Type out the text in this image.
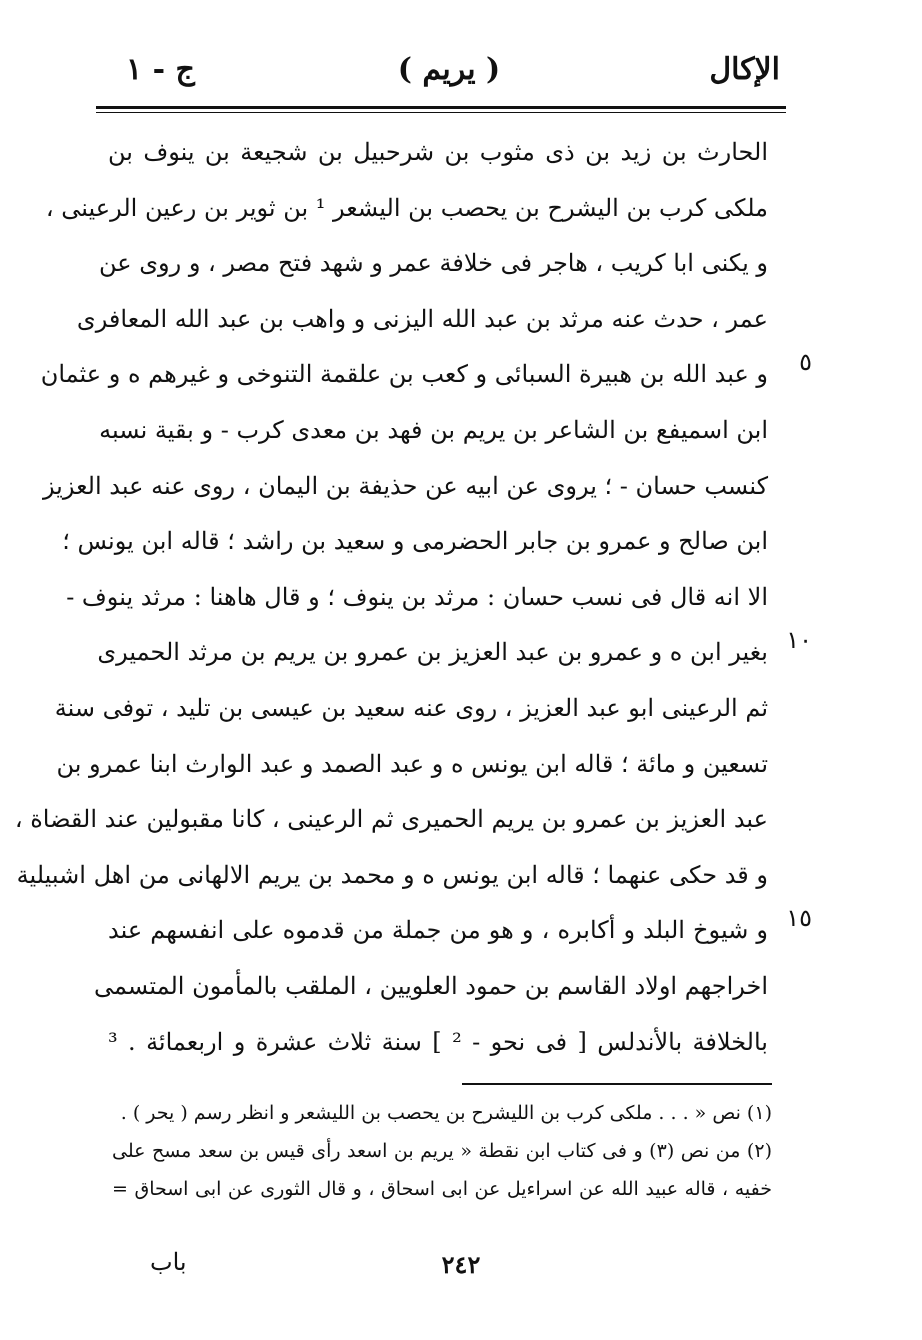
الإكال
( يريم )
ج - ١
الحارث بن زيد بن ذى مثوب بن شرحبيل بن شجيعة بن ينوف بن
ملكى كرب بن اليشرح بن يحصب بن اليشعر ¹ بن ثوير بن رعين الرعينى ،
و يكنى ابا كريب ، هاجر فى خلافة عمر و شهد فتح مصر ، و روى عن
عمر ، حدث عنه مرثد بن عبد الله اليزنى و واهب بن عبد الله المعافرى
و عبد الله بن هبيرة السبائى و كعب بن علقمة التنوخى و غيرهم ه و عثمان
ابن اسميفع بن الشاعر بن يريم بن فهد بن معدى كرب - و بقية نسبه
كنسب حسان - ؛ يروى عن ابيه عن حذيفة بن اليمان ، روى عنه عبد العزيز
ابن صالح و عمرو بن جابر الحضرمى و سعيد بن راشد ؛ قاله ابن يونس ؛
الا انه قال فى نسب حسان : مرثد بن ينوف ؛ و قال هاهنا : مرثد ينوف -
بغير ابن ه و عمرو بن عبد العزيز بن عمرو بن يريم بن مرثد الحميرى
ثم الرعينى ابو عبد العزيز ، روى عنه سعيد بن عيسى بن تليد ، توفى سنة
تسعين و مائة ؛ قاله ابن يونس ه و عبد الصمد و عبد الوارث ابنا عمرو بن
عبد العزيز بن عمرو بن يريم الحميرى ثم الرعينى ، كانا مقبولين عند القضاة ،
و قد حكى عنهما ؛ قاله ابن يونس ه و محمد بن يريم الالهانى من اهل اشبيلية
و شيوخ البلد و أكابره ، و هو من جملة من قدموه على انفسهم عند
اخراجهم اولاد القاسم بن حمود العلويين ، الملقب بالمأمون المتسمى
بالخلافة بالأندلس [ فى نحو - ² ] سنة ثلاث عشرة و اربعمائة . ³
٥
١٠
١٥
(١) نص « . . . ملكى كرب بن الليشرح بن يحصب بن الليشعر و انظر رسم ( يحر ) .
(٢) من نص (٣) و فى كتاب ابن نقطة « يريم بن اسعد رأى قيس بن سعد مسح على
خفيه ، قاله عبيد الله عن اسراءيل عن ابى اسحاق ، و قال الثورى عن ابى اسحاق =
٢٤٢
باب
